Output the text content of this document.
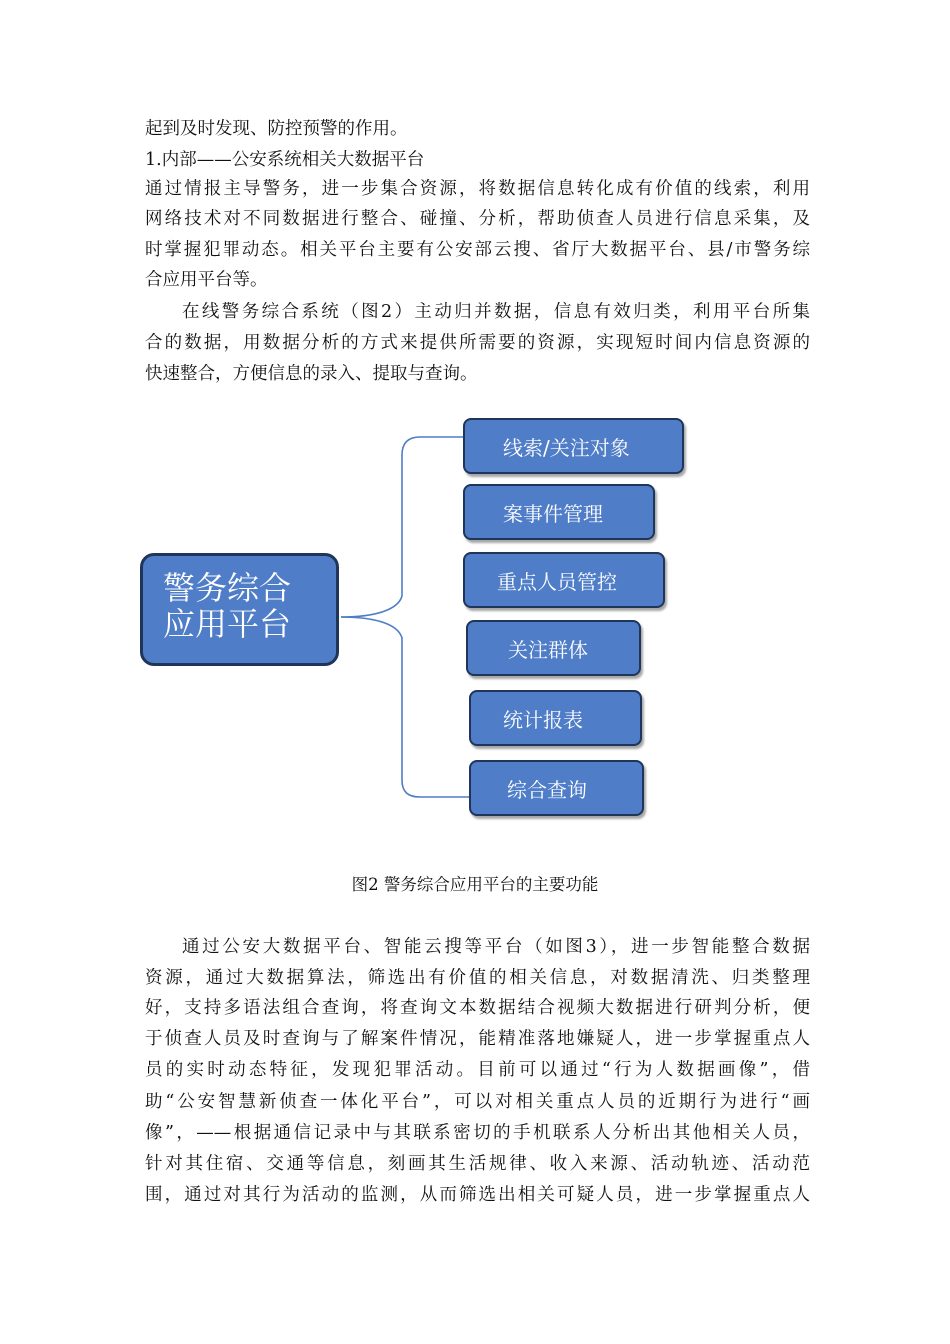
起到及时发现、防控预警的作用。
1.内部——公安系统相关大数据平台
通过情报主导警务，进一步集合资源，将数据信息转化成有价值的线索，利用
网络技术对不同数据进行整合、碰撞、分析，帮助侦查人员进行信息采集，及
时掌握犯罪动态。相关平台主要有公安部云搜、省厅大数据平台、县/市警务综
合应用平台等。
在线警务综合系统（图2）主动归并数据，信息有效归类，利用平台所集
合的数据，用数据分析的方式来提供所需要的资源，实现短时间内信息资源的
快速整合，方便信息的录入、提取与查询。
警务综合
应用平台
线索/关注对象
案事件管理
重点人员管控
关注群体
统计报表
综合查询
图2 警务综合应用平台的主要功能
通过公安大数据平台、智能云搜等平台（如图3），进一步智能整合数据
资源，通过大数据算法，筛选出有价值的相关信息，对数据清洗、归类整理
好，支持多语法组合查询，将查询文本数据结合视频大数据进行研判分析，便
于侦查人员及时查询与了解案件情况，能精准落地嫌疑人，进一步掌握重点人
员的实时动态特征，发现犯罪活动。目前可以通过“行为人数据画像”，借
助“公安智慧新侦查一体化平台”，可以对相关重点人员的近期行为进行“画
像”，——根据通信记录中与其联系密切的手机联系人分析出其他相关人员，
针对其住宿、交通等信息，刻画其生活规律、收入来源、活动轨迹、活动范
围，通过对其行为活动的监测，从而筛选出相关可疑人员，进一步掌握重点人
